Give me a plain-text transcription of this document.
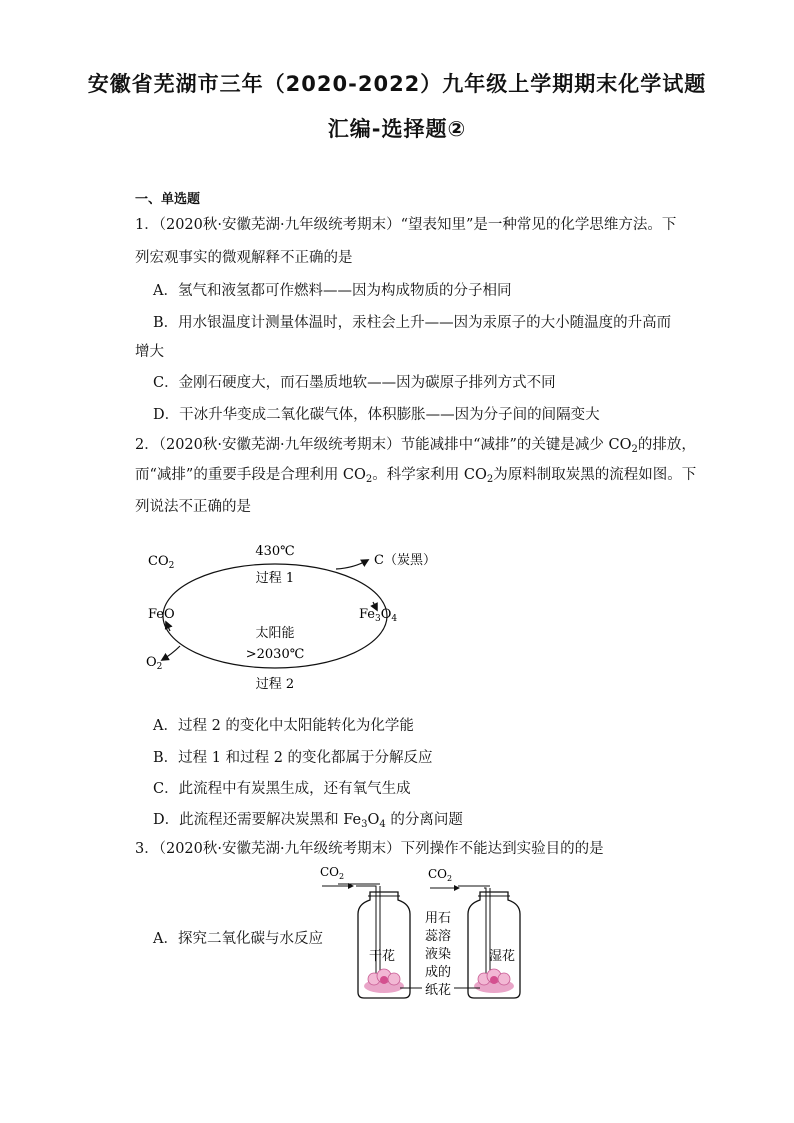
安徽省芜湖市三年（2020-2022）九年级上学期期末化学试题
汇编-选择题②
一、单选题
1．（2020秋·安徽芜湖·九年级统考期末）“望表知里”是一种常见的化学思维方法。下
列宏观事实的微观解释不正确的是
A．氢气和液氢都可作燃料——因为构成物质的分子相同
B．用水银温度计测量体温时，汞柱会上升——因为汞原子的大小随温度的升高而
增大
C．金刚石硬度大，而石墨质地软——因为碳原子排列方式不同
D．干冰升华变成二氧化碳气体，体积膨胀——因为分子间的间隔变大
2．（2020秋·安徽芜湖·九年级统考期末）节能减排中“减排”的关键是减少 $CO_2$的排放，
而“减排”的重要手段是合理利用 $CO_2$。科学家利用 $CO_2$为原料制取炭黑的流程如图。下
列说法不正确的是
$CO_2$
430℃
过程 1
C（炭黑）
FeO	$Fe_3O_4$
太阳能
>2030℃
$O_2$
过程 2
A．过程 2 的变化中太阳能转化为化学能
B．过程 1 和过程 2 的变化都属于分解反应
C．此流程中有炭黑生成，还有氧气生成
D．此流程还需要解决炭黑和 $Fe_3O_4$ 的分离问题
3．（2020秋·安徽芜湖·九年级统考期末）下列操作不能达到实验目的的是
A．探究二氧化碳与水反应
$CO_2$	$CO_2$
干花	湿花
用石
蕊溶
液染
成的
纸花
